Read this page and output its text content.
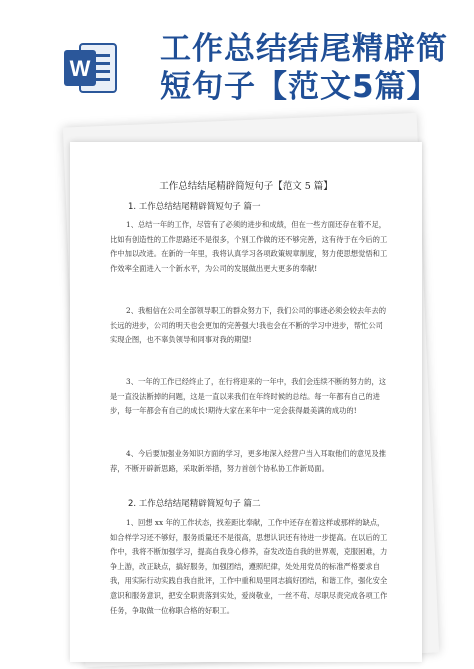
W
工作总结结尾精辟简短句子【范文5篇】
工作总结结尾精辟简短句子【范文 5 篇】
1. 工作总结结尾精辟简短句子 篇一

1、总结一年的工作，尽管有了必须的进步和成绩，但在一些方面还存在着不足，比如有创造性的工作思路还不是很多，个别工作做的还不够完善，这有待于在今后的工作中加以改进。在新的一年里，我将认真学习各项政策规章制度，努力使思想觉悟和工作效率全面进入一个新水平，为公司的发展做出更大更多的奉献!

2、我相信在公司全部领导职工的群众努力下，我们公司的事迹必须会较去年去的长远的进步，公司的明天也会更加的完善强大!我也会在不断的学习中进步，帮忙公司实现企图，也不辜负领导和同事对我的期望!

3、一年的工作已经终止了，在行将迎来的一年中，我们会连续不断的努力的，这是一直没法断掉的问题，这是一直以来我们在年终时候的总结。每一年都有自己的进步，每一年都会有自己的成长!期待大家在来年中一定会获得最美满的成功的!

4、今后要加强业务知识方面的学习，更多地深入经营户当入耳取他们的意见及推荐，不断开辟新思路，采取新举措，努力首创个协私协工作新局面。

2. 工作总结结尾精辟简短句子 篇二

1、回想 xx 年的工作状态，找差距比奉献，工作中还存在着这样或那样的缺点，如合样学习还不够好，服务质量还不是很高，思想认识还有待进一步提高。在以后的工作中，我将不断加强学习，提高自我身心修养，奋发改造自我的世界观，克服困难，力争上游，改正缺点，搞好服务，加强团结，遵照纪律，处处用党员的标准严格要求自我，用实际行动实践自我自批评，工作中重和局里同志搞好团结，和谐工作，强化安全意识和服务意识，把安全职责落到实处，爱岗敬业，一丝不苟、尽职尽责完成各项工作任务，争取做一位称职合格的好职工。
